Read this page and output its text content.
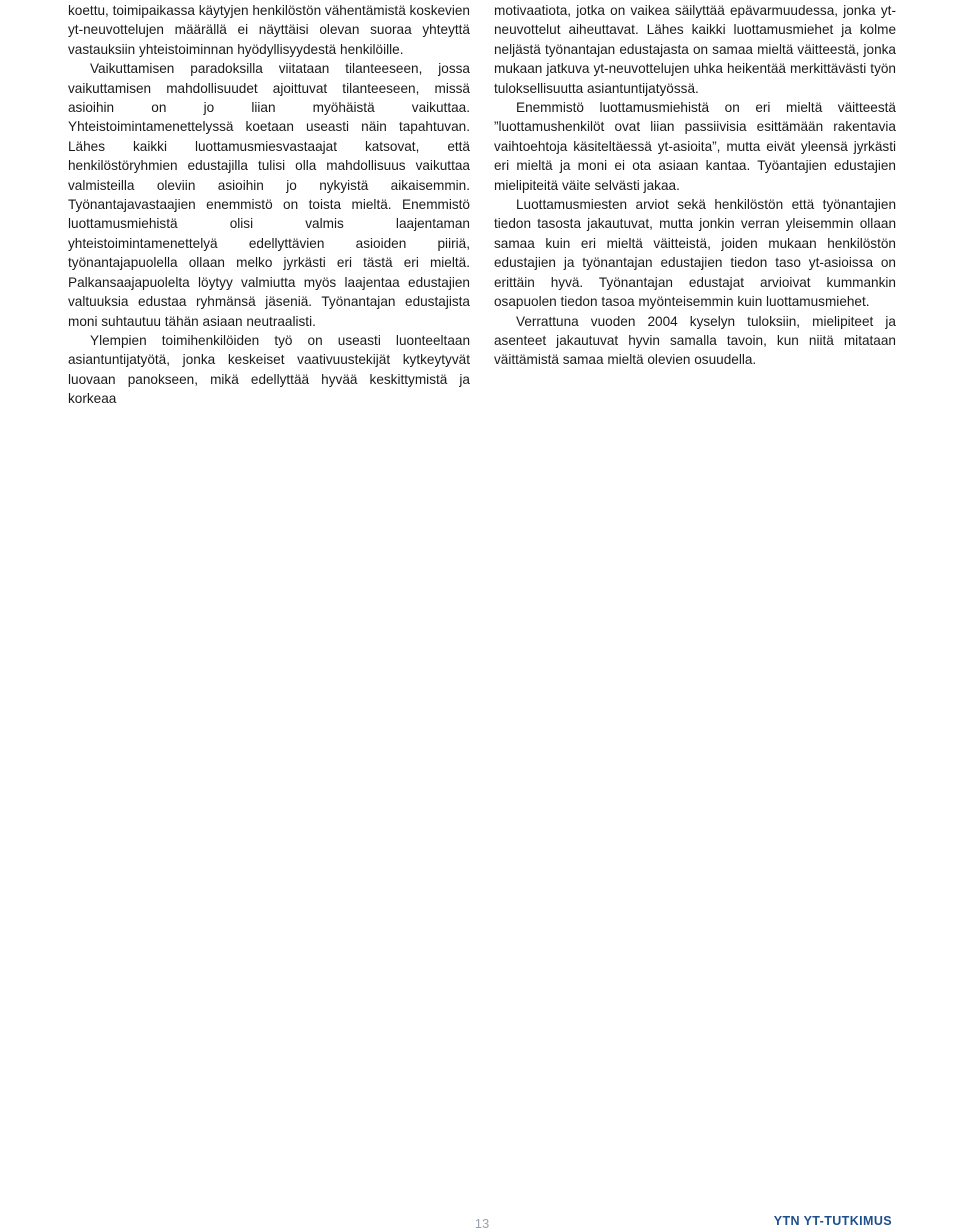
koettu, toimipaikassa käytyjen henkilöstön vähentämistä koskevien yt-neuvottelujen määrällä ei näyttäisi olevan suoraa yhteyttä vastauksiin yhteistoiminnan hyödyllisyydestä henkilöille.

Vaikuttamisen paradoksilla viitataan tilanteeseen, jossa vaikuttamisen mahdollisuudet ajoittuvat tilanteeseen, missä asioihin on jo liian myöhäistä vaikuttaa. Yhteistoimintamenettelyssä koetaan useasti näin tapahtuvan. Lähes kaikki luottamusmiesvastaajat katsovat, että henkilöstöryhmien edustajilla tulisi olla mahdollisuus vaikuttaa valmisteilla oleviin asioihin jo nykyistä aikaisemmin. Työnantajavastaajien enemmistö on toista mieltä. Enemmistö luottamusmiehistä olisi valmis laajentaman yhteistoimintamenettelyä edellyttävien asioiden piiriä, työnantajapuolella ollaan melko jyrkästi eri tästä eri mieltä. Palkansaajapuolelta löytyy valmiutta myös laajentaa edustajien valtuuksia edustaa ryhmänsä jäseniä. Työnantajan edustajista moni suhtautuu tähän asiaan neutraalisti.

Ylempien toimihenkilöiden työ on useasti luonteeltaan asiantuntijatyötä, jonka keskeiset vaativuustekijät kytkeytyvät luovaan panokseen, mikä edellyttää hyvää keskittymistä ja korkeaa

motivaatiota, jotka on vaikea säilyttää epävarmuudessa, jonka yt-neuvottelut aiheuttavat. Lähes kaikki luottamusmiehet ja kolme neljästä työnantajan edustajasta on samaa mieltä väitteestä, jonka mukaan jatkuva yt-neuvottelujen uhka heikentää merkittävästi työn tuloksellisuutta asiantuntijatyössä.

Enemmistö luottamusmiehistä on eri mieltä väitteestä ”luottamushenkilöt ovat liian passiivisia esittämään rakentavia vaihtoehtoja käsiteltäessä yt-asioita”, mutta eivät yleensä jyrkästi eri mieltä ja moni ei ota asiaan kantaa. Työantajien edustajien mielipiteitä väite selvästi jakaa.

Luottamusmiesten arviot sekä henkilöstön että työnantajien tiedon tasosta jakautuvat, mutta jonkin verran yleisemmin ollaan samaa kuin eri mieltä väitteistä, joiden mukaan henkilöstön edustajien ja työnantajan edustajien tiedon taso yt-asioissa on erittäin hyvä. Työnantajan edustajat arvioivat kummankin osapuolen tiedon tasoa myönteisemmin kuin luottamusmiehet.

Verrattuna vuoden 2004 kyselyn tuloksiin, mielipiteet ja asenteet jakautuvat hyvin samalla tavoin, kun niitä mitataan väittämistä samaa mieltä olevien osuudella.

13	YTN YT-TUTKIMUS
